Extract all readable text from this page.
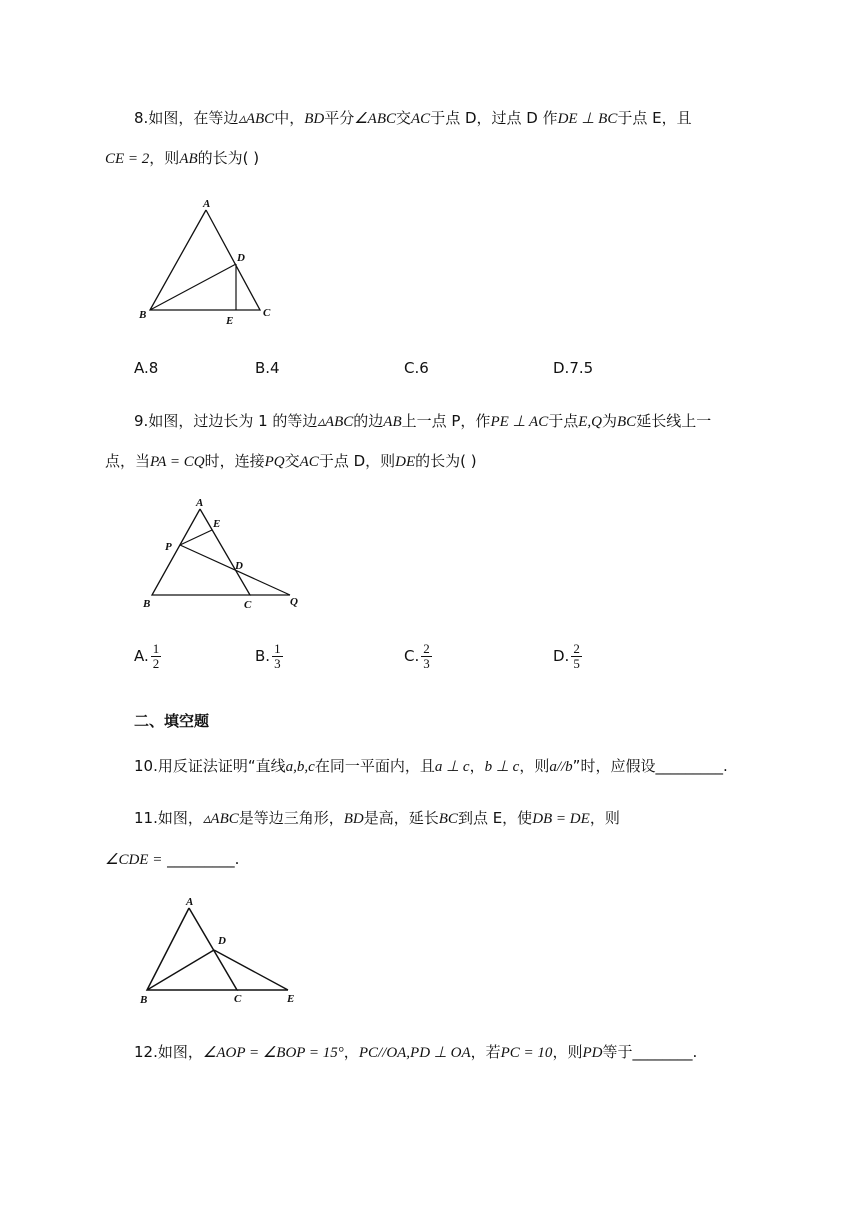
8.如图，在等边▵ABC中，BD平分∠ABC交AC于点 D，过点 D 作DE ⊥ BC于点 E，且
CE = 2，则AB的长为( )
A
B	C
D
E
A.8	B.4	C.6	D.7.5
9.如图，过边长为 1 的等边▵ABC的边AB上一点 P，作PE ⊥ AC于点E,Q为BC延长线上一
点，当PA = CQ时，连接PQ交AC于点 D，则DE的长为( )
A
E
P
D
B	C	Q
A. $\frac{1}{2}$	B. $\frac{1}{3}$	C. $\frac{2}{3}$	D. $\frac{2}{5}$
二、填空题
10.用反证法证明“直线a,b,c在同一平面内，且a ⊥ c，b ⊥ c，则a//b”时，应假设_________.
11.如图，▵ABC是等边三角形，BD是高，延长BC到点 E，使DB = DE，则
∠CDE = _________.
A
D
B	C	E
12.如图，∠AOP = ∠BOP = 15°，PC//OA,PD ⊥ OA，若PC = 10，则PD等于________.
